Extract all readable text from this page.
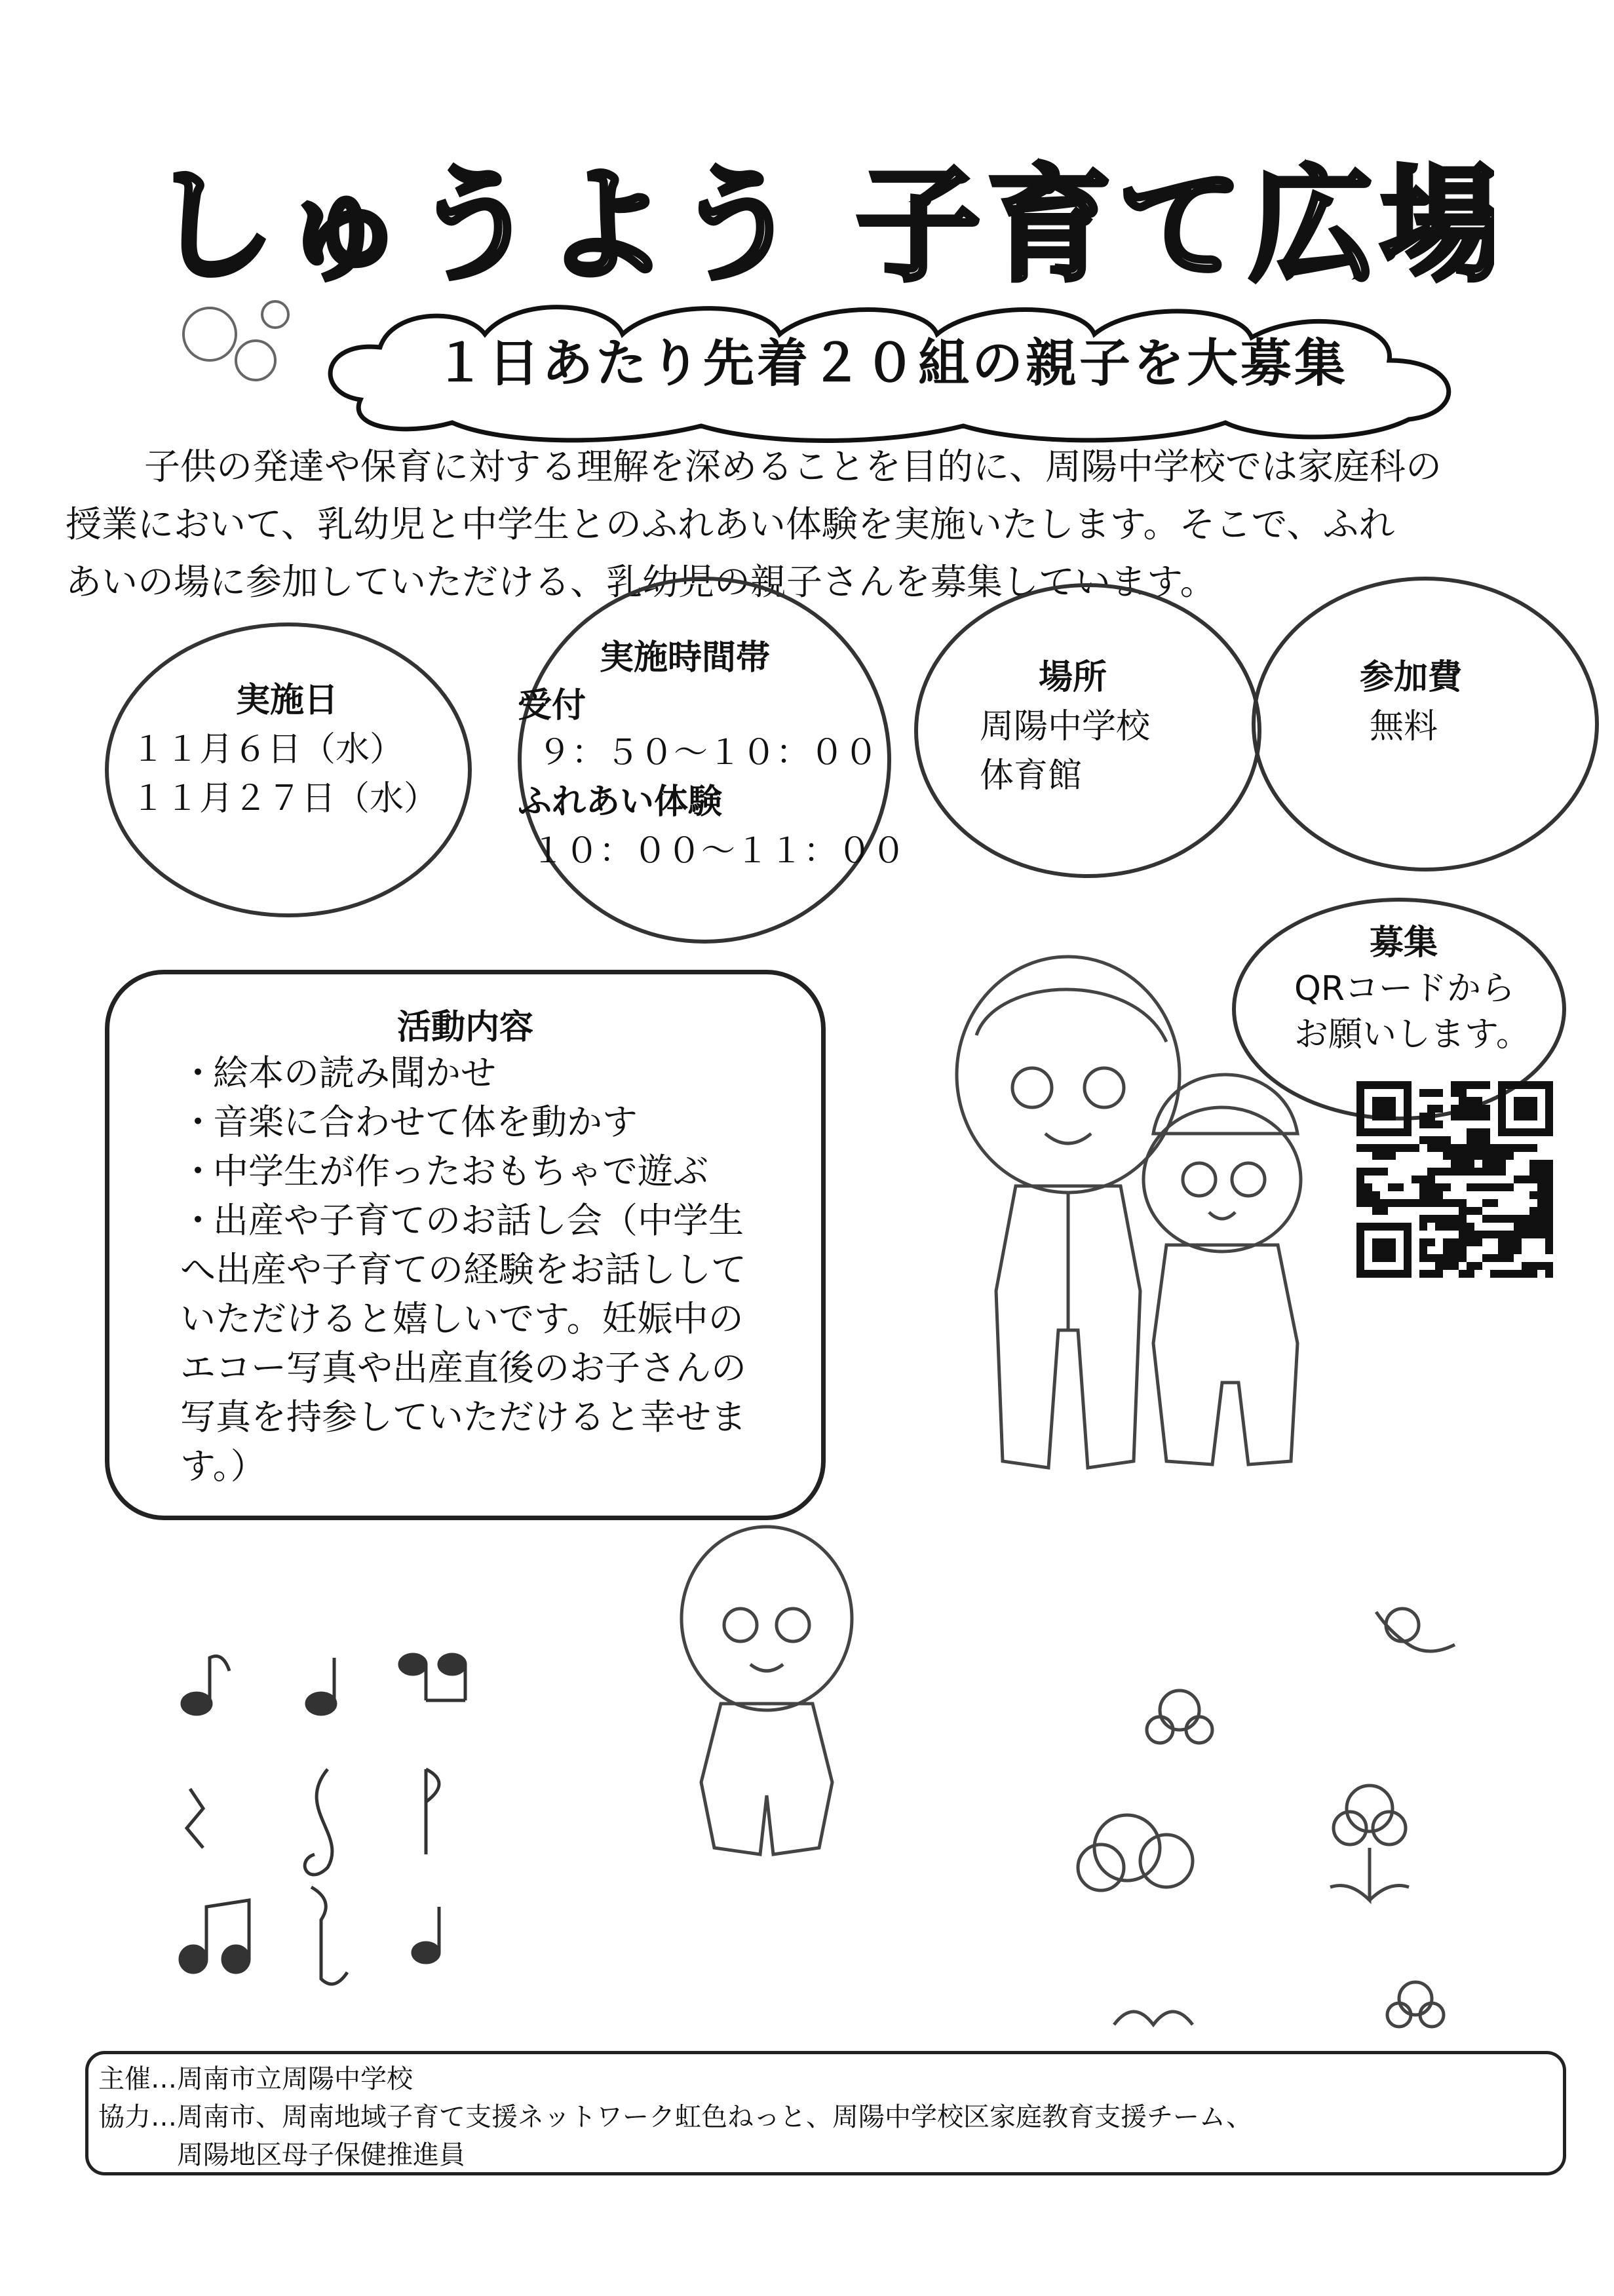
しゅうよう 子育て広場
１日あたり先着２０組の親子を大募集
子供の発達や保育に対する理解を深めることを目的に、周陽中学校では家庭科の
授業において、乳幼児と中学生とのふれあい体験を実施いたします。そこで、ふれ
あいの場に参加していただける、乳幼児の親子さんを募集しています。
実施日
１１月６日（水）
１１月２７日（水）
実施時間帯
受付
９：５０〜１０：００
ふれあい体験
１０：００〜１１：００
場所
周陽中学校
体育館
参加費
無料
募集
QRコードから
お願いします。
活動内容
・ 絵本の読み聞かせ
・ 音楽に合わせて体を動かす
・ 中学生が作ったおもちゃで遊ぶ
・ 出産や子育てのお話し会（中学生
へ出産や子育ての経験をお話しして
いただけると嬉しいです。妊娠中の
エコー写真や出産直後のお子さんの
写真を持参していただけると幸せま
す。）
主催…周南市立周陽中学校
協力…周南市、周南地域子育て支援ネットワーク虹色ねっと、周陽中学校区家庭教育支援チーム、
周陽地区母子保健推進員
